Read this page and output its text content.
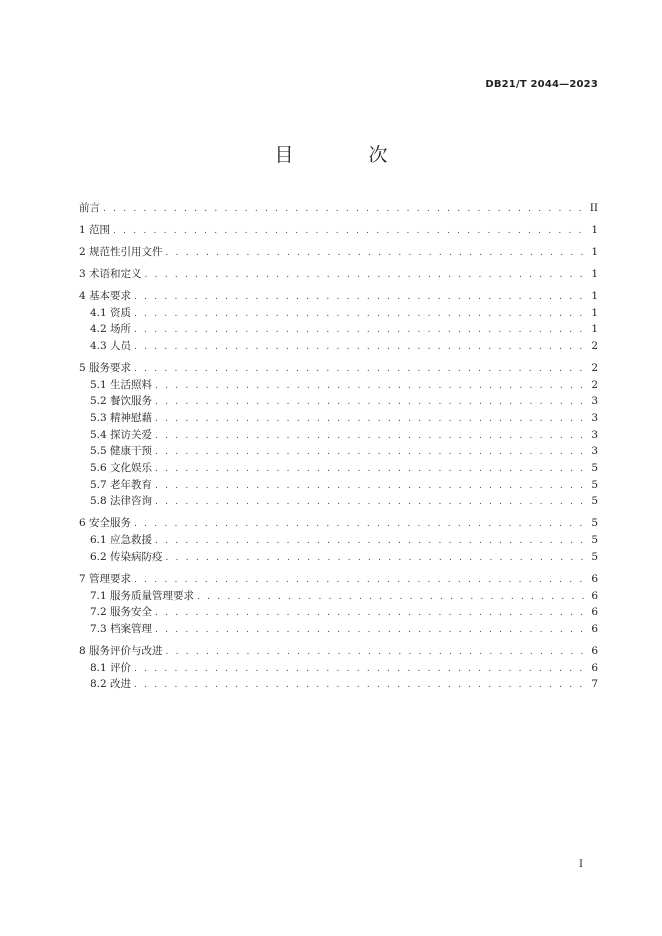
DB21/T 2044—2023
目　次
前言 . . .	II
1 范围 . . .	1
2 规范性引用文件 . . .	1
3 术语和定义 . . .	1
4 基本要求 . . .	1
4.1 资质 . . .	1
4.2 场所 . . .	1
4.3 人员 . . .	2
5 服务要求 . . .	2
5.1 生活照料 . . .	2
5.2 餐饮服务 . . .	3
5.3 精神慰藉 . . .	3
5.4 探访关爱 . . .	3
5.5 健康干预 . . .	3
5.6 文化娱乐 . . .	5
5.7 老年教育 . . .	5
5.8 法律咨询 . . .	5
6 安全服务 . . .	5
6.1 应急救援 . . .	5
6.2 传染病防疫 . . .	5
7 管理要求 . . .	6
7.1 服务质量管理要求 . . .	6
7.2 服务安全 . . .	6
7.3 档案管理 . . .	6
8 服务评价与改进 . . .	6
8.1 评价 . . .	6
8.2 改进 . . .	7
I
